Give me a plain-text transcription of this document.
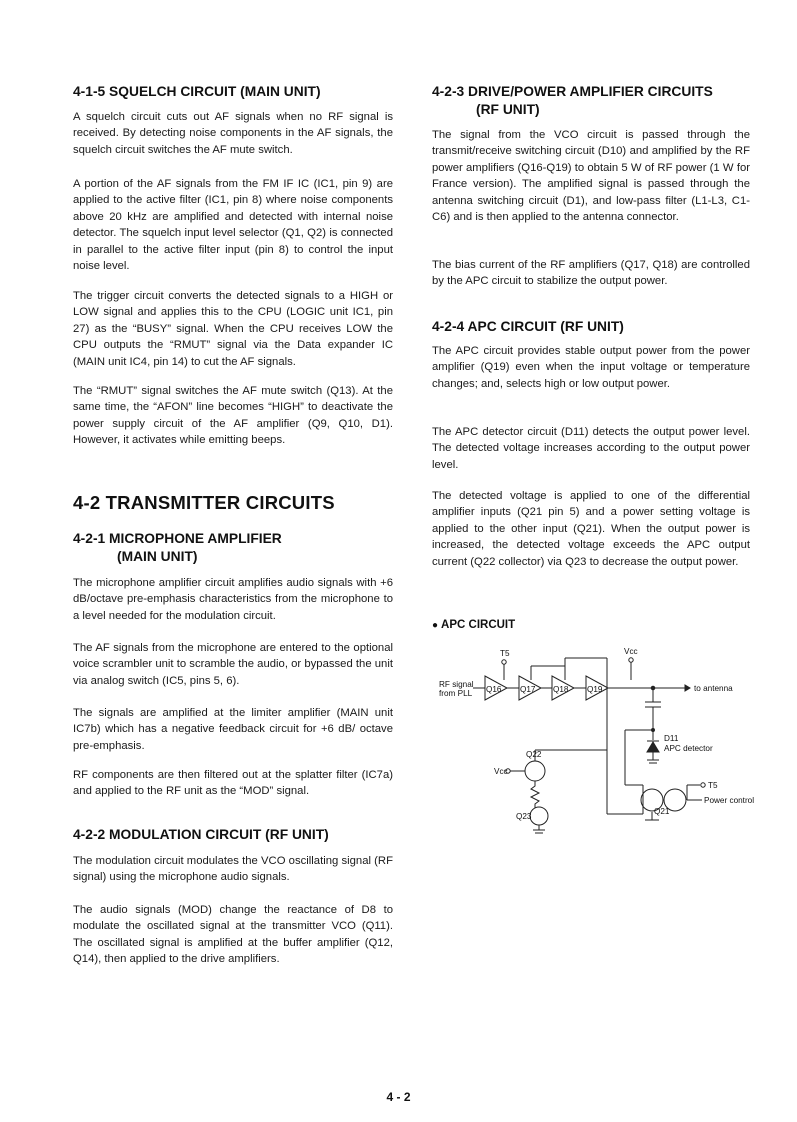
4-1-5 SQUELCH CIRCUIT (MAIN UNIT)

A squelch circuit cuts out AF signals when no RF signal is received. By detecting noise components in the AF signals, the squelch circuit switches the AF mute switch.

A portion of the AF signals from the FM IF IC (IC1, pin 9) are applied to the active filter (IC1, pin 8) where noise components above 20 kHz are amplified and detected with internal noise detector. The squelch input level selector (Q1, Q2) is connected in parallel to the active filter input (pin 8) to control the input noise level.

The trigger circuit converts the detected signals to a HIGH or LOW signal and applies this to the CPU (LOGIC unit IC1, pin 27) as the “BUSY” signal. When the CPU receives LOW the CPU outputs the “RMUT” signal via the Data expander IC (MAIN unit IC4, pin 14) to cut the AF signals.

The “RMUT” signal switches the AF mute switch (Q13). At the same time, the “AFON” line becomes “HIGH” to deactivate the power supply circuit of the AF amplifier (Q9, Q10, D1). However, it activates while emitting beeps.

4-2 TRANSMITTER CIRCUITS
4-2-1 MICROPHONE AMPLIFIER
(MAIN UNIT)

The microphone amplifier circuit amplifies audio signals with +6 dB/octave pre-emphasis characteristics from the microphone to a level needed for the modulation circuit.

The AF signals from the microphone are entered to the optional voice scrambler unit to scramble the audio, or bypassed the unit via analog switch (IC5, pins 5, 6).

The signals are amplified at the limiter amplifier (MAIN unit IC7b) which has a negative feedback circuit for +6 dB/ octave pre-emphasis.

RF components are then filtered out at the splatter filter (IC7a) and applied to the RF unit as the “MOD” signal.

4-2-2 MODULATION CIRCUIT (RF UNIT)

The modulation circuit modulates the VCO oscillating signal (RF signal) using the microphone audio signals.

The audio signals (MOD) change the reactance of D8 to modulate the oscillated signal at the transmitter VCO (Q11). The oscillated signal is amplified at the buffer amplifier (Q12, Q14), then applied to the drive amplifiers.

4-2-3 DRIVE/POWER AMPLIFIER CIRCUITS
(RF UNIT)

The signal from the VCO circuit is passed through the transmit/receive switching circuit (D10) and amplified by the RF power amplifiers (Q16-Q19) to obtain 5 W of RF power (1 W for France version). The amplified signal is passed through the antenna switching circuit (D1), and low-pass filter (L1-L3, C1-C6) and is then applied to the antenna connector.

The bias current of the RF amplifiers (Q17, Q18) are controlled by the APC circuit to stabilize the output power.

4-2-4 APC CIRCUIT (RF UNIT)

The APC circuit provides stable output power from the power amplifier (Q19) even when the input voltage or temperature changes; and, selects high or low output power.

The APC detector circuit (D11) detects the output power level. The detected voltage increases according to the output power level.

The detected voltage is applied to one of the differential amplifier inputs (Q21 pin 5) and a power setting voltage is applied to the other input (Q21). When the output power is increased, the detected voltage exceeds the APC output current (Q22 collector) via Q23 to decrease the output power.

● APC CIRCUIT
T5	Vcc
RF signal
from PLL Q16 Q17 Q18 Q19	to antenna
D11
APC detector
Q22
Vcc
T5
Power control
Q21
Q23
4 - 2
